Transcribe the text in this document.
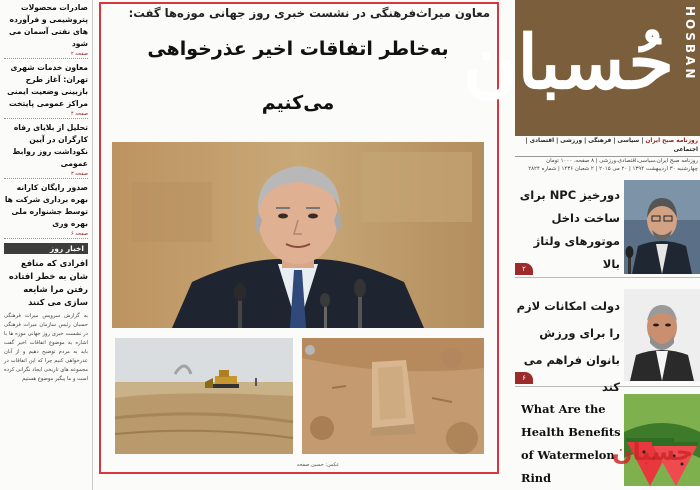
صادرات محصولات پتروشیمی و فرآورده های نفتی آسمان می شود
صفحه ۲
معاون خدمات شهری تهران: آغاز طرح بازبینی وضعیت ایمنی مراکز عمومی پایتخت
صفحه ۴
تحلیل از بلایای رفاه کارگران در آیین نکوداشت روز روابط عمومی
صفحه ۳
صدور رایگان کارانه بهره برداری شرکت ها توسط جشنواره ملی بهره وری
صفحه ۶
اخبار روز
افرادی که منافع شان به خطر افتاده رفتن مرا شایعه سازی می کنند
به گزارش سرویس میراث فرهنگی حسبان رئیس سازمان میراث فرهنگی در نشست خبری روز جهانی موزه ها با اشاره به موضوع اتفاقات اخیر گفت باید به مردم توضیح دهیم و از آنان عذرخواهی کنیم چرا که این اتفاقات در مجموعه های تاریخی ایجاد نگرانی کرده است و ما پیگیر موضوع هستیم
معاون میراث‌فرهنگی در نشست خبری روز جهانی موزه‌ها گفت:
به‌خاطر اتفاقات اخیر عذرخواهی
می‌کنیم
عکس: حسین صفحه
حُسبان HOSBAN
روزنامه صبح ایران | سیاسی | فرهنگی | ورزشی | اقتصادی | اجتماعی
روزنامه صبح ایران،سیاسی،اقتصادی،ورزشی | ۸ صفحه، ۱۰۰۰ تومان
چهارشنبه ۳۰ اردیبهشت ۱۳۹۴ | ۲۰ می ۲۰۱۵ | ۲ شعبان ۱۴۳۶ | شماره ۲۸۲۴
دورخیز NPC برای ساخت داخل موتورهای ولتاژ بالا
۲
دولت امکانات لازم را برای ورزش بانوان فراهم می کند
۶
What Are the Health Benefits of Watermelon Rind
حسبان
